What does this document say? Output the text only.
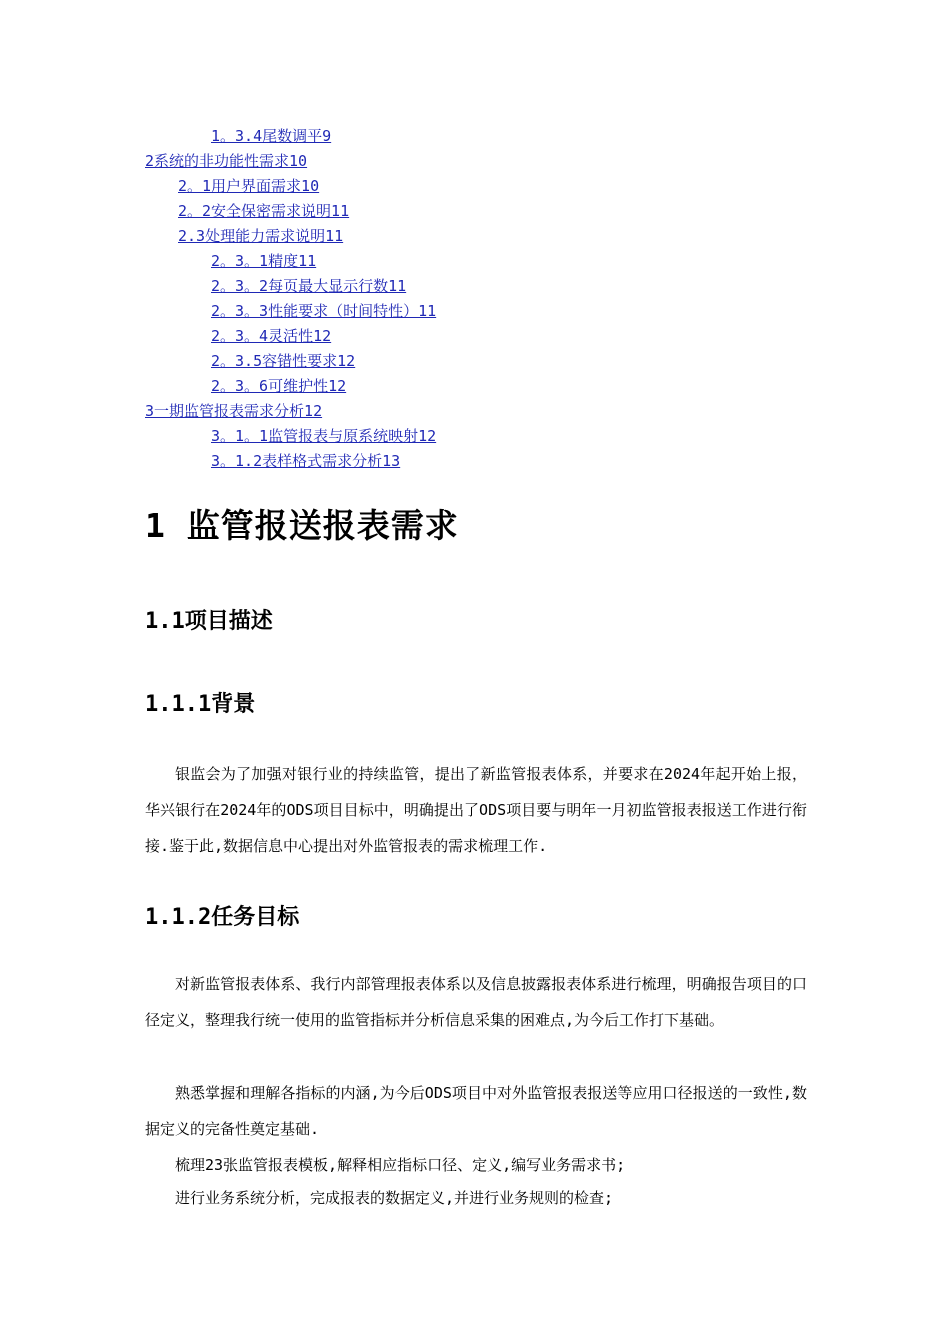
1。3.4尾数调平9
2系统的非功能性需求10
2。1用户界面需求10
2。2安全保密需求说明11
2.3处理能力需求说明11
2。3。1精度11
2。3。2每页最大显示行数11
2。3。3性能要求（时间特性）11
2。3。4灵活性12
2。3.5容错性要求12
2。3。6可维护性12
3一期监管报表需求分析12
3。1。1监管报表与原系统映射12
3。1.2表样格式需求分析13
1 监管报送报表需求
1.1项目描述
1.1.1背景

银监会为了加强对银行业的持续监管，提出了新监管报表体系，并要求在2024年起开始上报，华兴银行在2024年的ODS项目目标中，明确提出了ODS项目要与明年一月初监管报表报送工作进行衔接.鉴于此,数据信息中心提出对外监管报表的需求梳理工作.

1.1.2任务目标

对新监管报表体系、我行内部管理报表体系以及信息披露报表体系进行梳理，明确报告项目的口径定义，整理我行统一使用的监管指标并分析信息采集的困难点,为今后工作打下基础。

熟悉掌握和理解各指标的内涵,为今后ODS项目中对外监管报表报送等应用口径报送的一致性,数据定义的完备性奠定基础.

梳理23张监管报表模板,解释相应指标口径、定义,编写业务需求书;

进行业务系统分析，完成报表的数据定义,并进行业务规则的检查;
